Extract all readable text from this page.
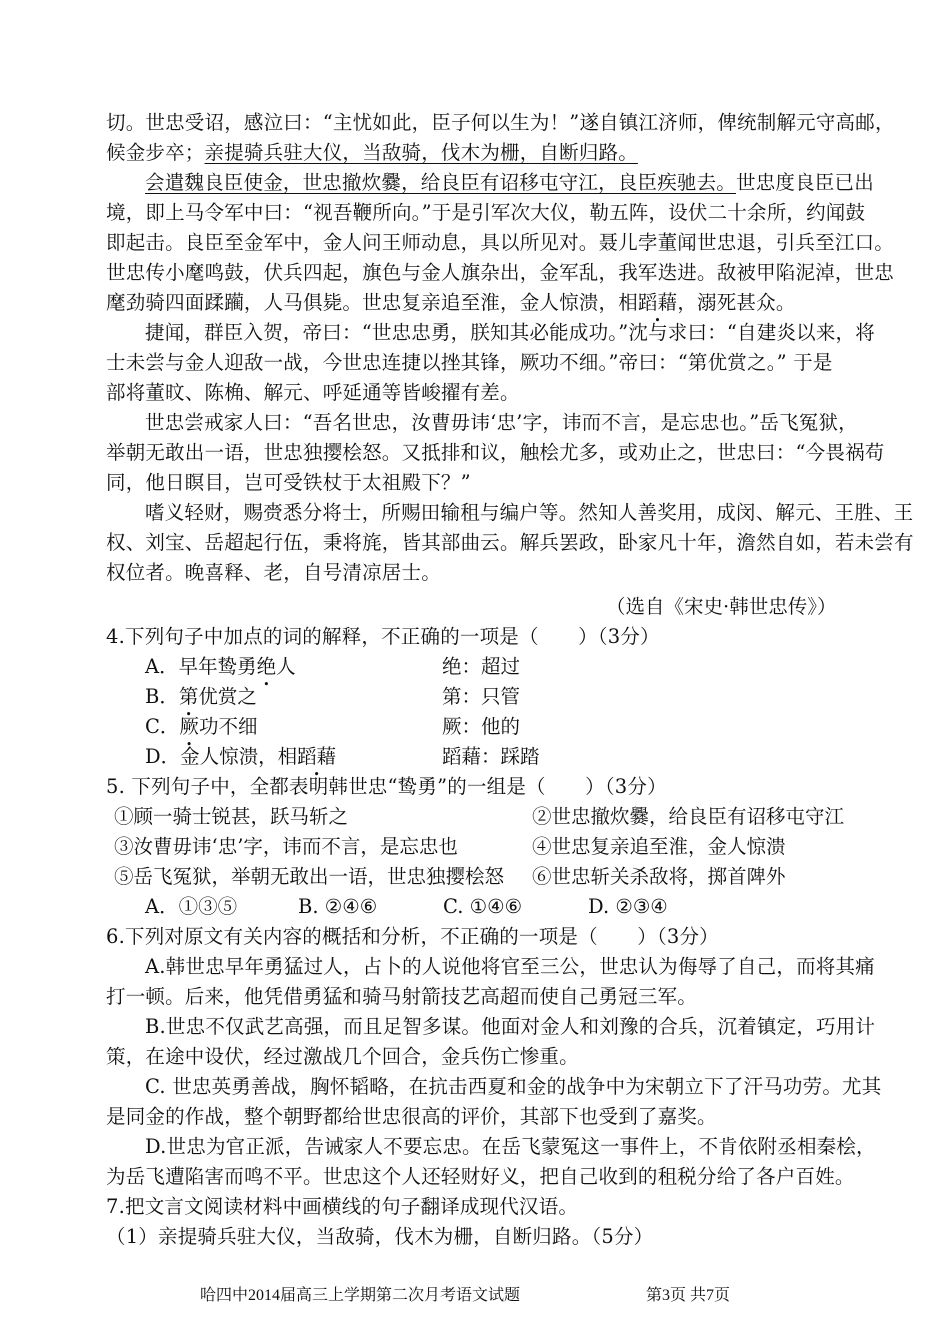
切。世忠受诏，感泣曰：“主忧如此，臣子何以生为！”遂自镇江济师，俾统制解元守高邮，
候金步卒；亲提骑兵驻大仪，当敌骑，伐木为栅，自断归路。
会遣魏良臣使金，世忠撤炊爨，给良臣有诏移屯守江，良臣疾驰去。世忠度良臣已出
境，即上马令军中曰：“视吾鞭所向。”于是引军次大仪，勒五阵，设伏二十余所，约闻鼓
即起击。良臣至金军中，金人问王师动息，具以所见对。聂儿孛董闻世忠退，引兵至江口。
世忠传小麾鸣鼓，伏兵四起，旗色与金人旗杂出，金军乱，我军迭进。敌被甲陷泥淖，世忠
麾劲骑四面蹂躏，人马俱毙。世忠复亲追至淮，金人惊溃，相蹈藉，溺死甚众。
捷闻，群臣入贺，帝曰：“世忠忠勇，朕知其必能成功。”沈与求曰：“自建炎以来，将
士未尝与金人迎敌一战，今世忠连捷以挫其锋，厥功不细。”帝曰：“第优赏之。” 于是
部将董旼、陈桷、解元、呼延通等皆峻擢有差。
世忠尝戒家人曰：“吾名世忠，汝曹毋讳‘忠’字，讳而不言，是忘忠也。”岳飞冤狱，
举朝无敢出一语，世忠独撄桧怒。又抵排和议，触桧尤多，或劝止之，世忠曰：“今畏祸苟
同，他日瞑目，岂可受铁杖于太祖殿下？”
嗜义轻财，赐赍悉分将士，所赐田输租与编户等。然知人善奖用，成闵、解元、王胜、王
权、刘宝、岳超起行伍，秉将旄，皆其部曲云。解兵罢政，卧家凡十年，澹然自如，若未尝有
权位者。晚喜释、老，自号清凉居士。
（选自《宋史·韩世忠传》）
4.下列句子中加点的词的解释，不正确的一项是（　　）（3分）
A．早年鸷勇绝人	绝：超过
B．第优赏之	第：只管
C．厥功不细	厥：他的
D．金人惊溃，相蹈藉	蹈藉：踩踏
5. 下列句子中，全都表明韩世忠“鸷勇”的一组是（　　）（3分）
①顾一骑士锐甚，跃马斩之	②世忠撤炊爨，给良臣有诏移屯守江
③汝曹毋讳‘忠’字，讳而不言，是忘忠也	④世忠复亲追至淮，金人惊溃
⑤岳飞冤狱，举朝无敢出一语，世忠独撄桧怒 ⑥世忠斩关杀敌将，掷首陴外
A．①③⑤	B. ②④⑥	C. ①④⑥	D. ②③④
6.下列对原文有关内容的概括和分析，不正确的一项是（　　）（3分）
A.韩世忠早年勇猛过人，占卜的人说他将官至三公，世忠认为侮辱了自己，而将其痛
打一顿。后来，他凭借勇猛和骑马射箭技艺高超而使自己勇冠三军。
B.世忠不仅武艺高强，而且足智多谋。他面对金人和刘豫的合兵，沉着镇定，巧用计
策，在途中设伏，经过激战几个回合，金兵伤亡惨重。
C. 世忠英勇善战，胸怀韬略，在抗击西夏和金的战争中为宋朝立下了汗马功劳。尤其
是同金的作战，整个朝野都给世忠很高的评价，其部下也受到了嘉奖。
D.世忠为官正派，告诫家人不要忘忠。在岳飞蒙冤这一事件上，不肯依附丞相秦桧，
为岳飞遭陷害而鸣不平。世忠这个人还轻财好义，把自己收到的租税分给了各户百姓。
7.把文言文阅读材料中画横线的句子翻译成现代汉语。
（1）亲提骑兵驻大仪，当敌骑，伐木为栅，自断归路。（5分）
哈四中2014届高三上学期第二次月考语文试题	第3页 共7页
